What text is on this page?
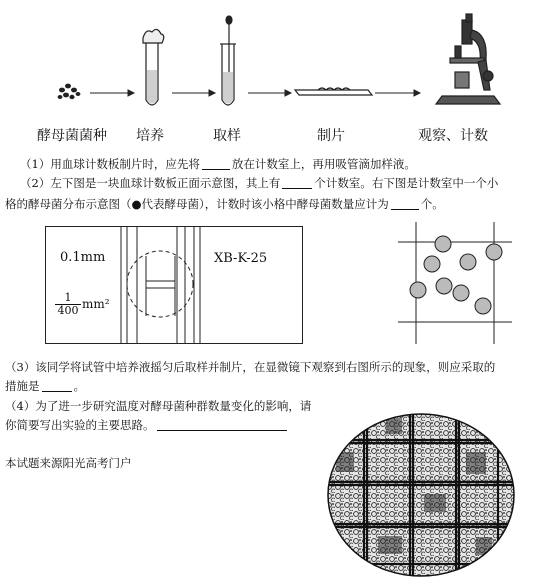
酵母菌菌种 培养	取样	制片	观察、计数
（1）用血球计数板制片时，应先将	放在计数室上，再用吸管滴加样液。
（2）左下图是一块血球计数板正面示意图，其上有	个计数室。右下图是计数室中一个小
格的酵母菌分布示意图（●代表酵母菌），计数时该小格中酵母菌数量应计为	个。
0.1mm
$\frac{1}{400} mm^2$
XB-K-25
（3）该同学将试管中培养液摇匀后取样并制片，在显微镜下观察到右图所示的现象，则应采取的
措施是	。
（4）为了进一步研究温度对酵母菌种群数量变化的影响，请
你简要写出实验的主要思路。
本试题来源阳光高考门户
